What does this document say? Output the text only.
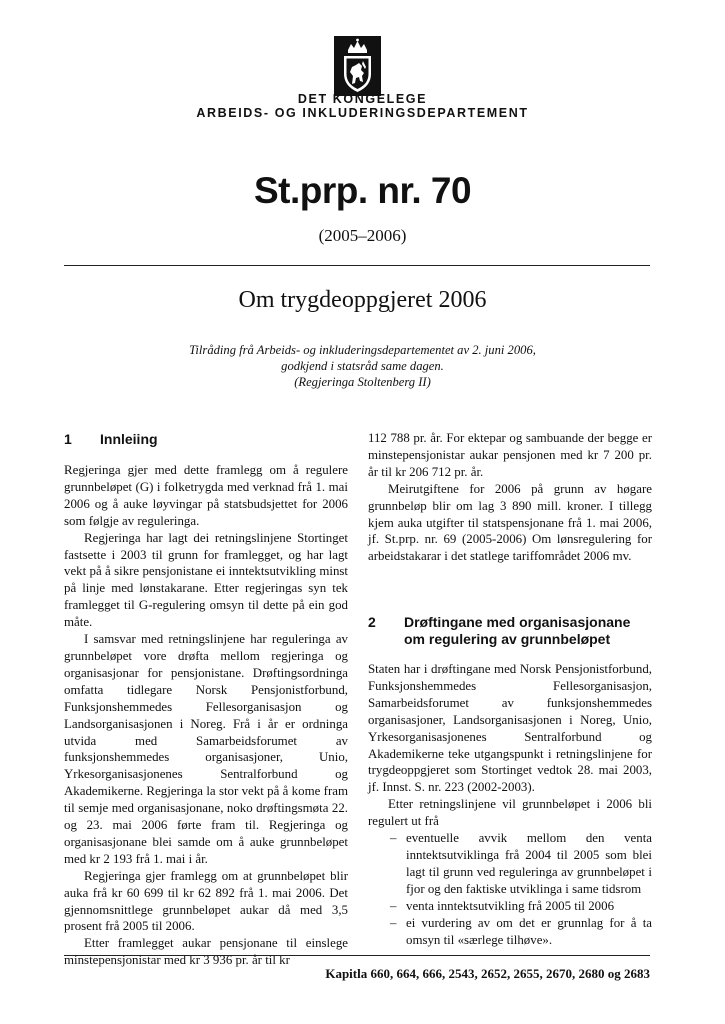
DET KONGELEGE
ARBEIDS- OG INKLUDERINGSDEPARTEMENT
St.prp. nr. 70
(2005–2006)
Om trygdeoppgjeret 2006
Tilråding frå Arbeids- og inkluderingsdepartementet av 2. juni 2006,
godkjend i statsråd same dagen.
(Regjeringa Stoltenberg II)
1 Innleiing

Regjeringa gjer med dette framlegg om å regulere grunnbeløpet (G) i folketrygda med verknad frå 1. mai 2006 og å auke løyvingar på statsbudsjettet for 2006 som følgje av reguleringa.

Regjeringa har lagt dei retningslinjene Stortinget fastsette i 2003 til grunn for framlegget, og har lagt vekt på å sikre pensjonistane ei inntektsutvikling minst på linje med lønstakarane. Etter regjeringas syn tek framlegget til G-regulering omsyn til dette på ein god måte.

I samsvar med retningslinjene har reguleringa av grunnbeløpet vore drøfta mellom regjeringa og organisasjonar for pensjonistane. Drøftingsordninga omfatta tidlegare Norsk Pensjonistforbund, Funksjonshemmedes Fellesorganisasjon og Landsorganisasjonen i Noreg. Frå i år er ordninga utvida med Samarbeidsforumet av funksjonshemmedes organisasjoner, Unio, Yrkesorganisasjonenes Sentralforbund og Akademikerne. Regjeringa la stor vekt på å kome fram til semje med organisasjonane, noko drøftingsmøta 22. og 23. mai 2006 førte fram til. Regjeringa og organisasjonane blei samde om å auke grunnbeløpet med kr 2 193 frå 1. mai i år.

Regjeringa gjer framlegg om at grunnbeløpet blir auka frå kr 60 699 til kr 62 892 frå 1. mai 2006. Det gjennomsnittlege grunnbeløpet aukar då med 3,5 prosent frå 2005 til 2006.

Etter framlegget aukar pensjonane til einslege minstepensjonistar med kr 3 936 pr. år til kr

112 788 pr. år. For ektepar og sambuande der begge er minstepensjonistar aukar pensjonen med kr 7 200 pr. år til kr 206 712 pr. år.

Meirutgiftene for 2006 på grunn av høgare grunnbeløp blir om lag 3 890 mill. kroner. I tillegg kjem auka utgifter til statspensjonane frå 1. mai 2006, jf. St.prp. nr. 69 (2005-2006) Om lønsregulering for arbeidstakarar i det statlege tariffområdet 2006 mv.

2 Drøftingane med organisasjonane
om regulering av grunnbeløpet

Staten har i drøftingane med Norsk Pensjonistforbund, Funksjonshemmedes Fellesorganisasjon, Samarbeidsforumet av funksjonshemmedes organisasjoner, Landsorganisasjonen i Noreg, Unio, Yrkesorganisasjonenes Sentralforbund og Akademikerne teke utgangspunkt i retningslinjene for trygdeoppgjeret som Stortinget vedtok 28. mai 2003, jf. Innst. S. nr. 223 (2002-2003).

Etter retningslinjene vil grunnbeløpet i 2006 bli regulert ut frå

– eventuelle avvik mellom den venta inntektsutviklinga frå 2004 til 2005 som blei lagt til grunn ved reguleringa av grunnbeløpet i fjor og den faktiske utviklinga i same tidsrom
– venta inntektsutvikling frå 2005 til 2006
– ei vurdering av om det er grunnlag for å ta omsyn til «særlege tilhøve».
Kapitla 660, 664, 666, 2543, 2652, 2655, 2670, 2680 og 2683
